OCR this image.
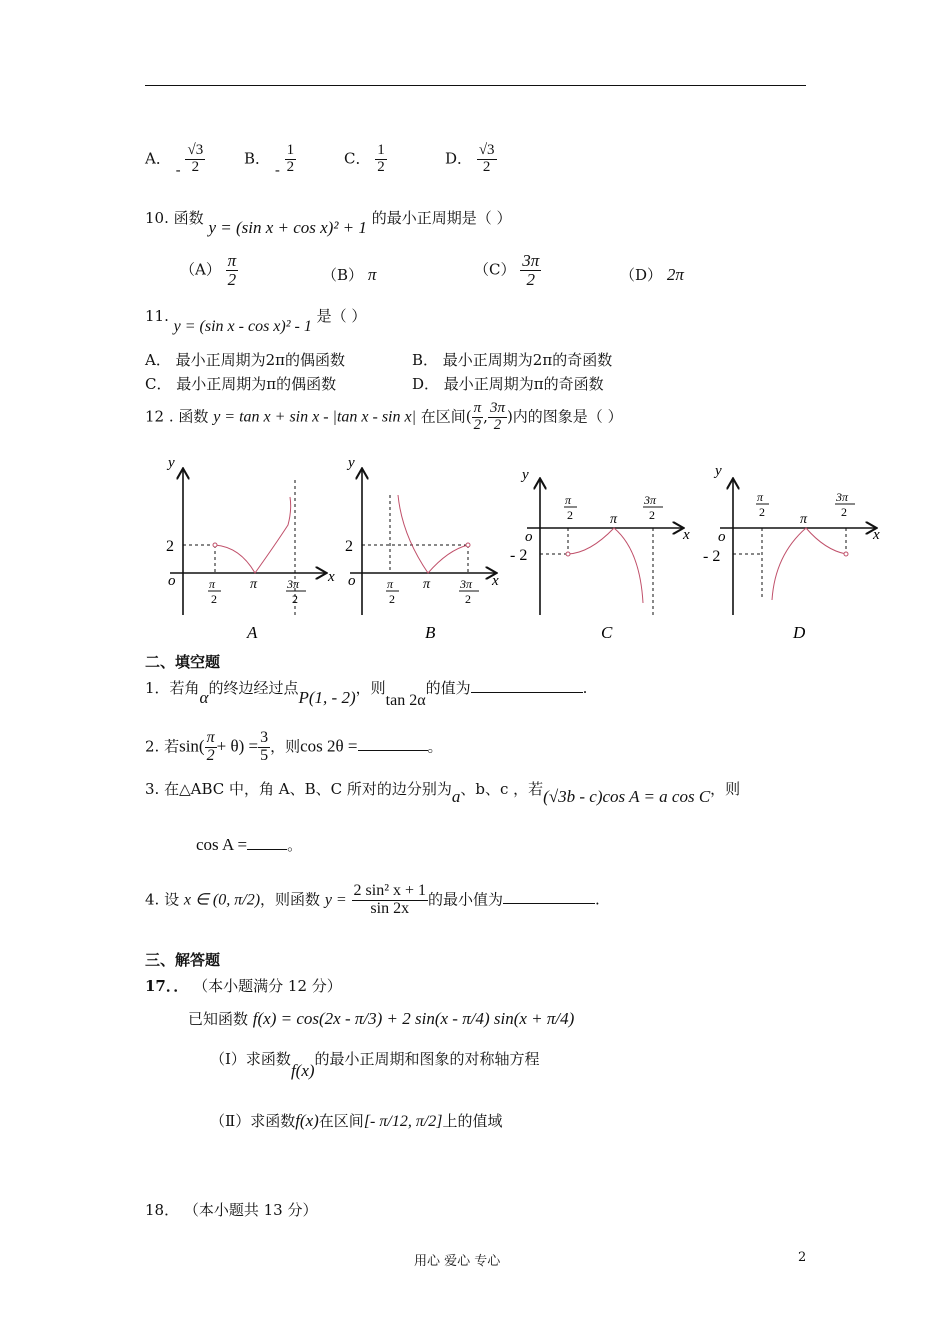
A． - $\frac{√3}{2}$	B． - $\frac{1}{2}$	C． $\frac{1}{2}$	D． $\frac{√3}{2}$
10. 函数 y = (sin x + cos x)² + 1 的最小正周期是（ ）
$(A) \frac{\pi}{2}$	（B） π	$(C) \frac{3\pi}{2}$	（D） 2π
11. y = (sin x - cos x)² - 1 是（ ）
A． 最小正周期为2π的偶函数	B． 最小正周期为2π的奇函数
C． 最小正周期为π的偶函数	D． 最小正周期为π的奇函数
12 . 函数 y = tan x + sin x - |tan x - sin x| 在区间( $\frac{\pi}{2}$ , $\frac{3\pi}{2}$ )内的图象是（ ）
y
x
o
2
π
2
π 3π
2
y
x
o
2
π
2
π 3π
2
y
x
o
- 2
π
2	π
3π
2
y
x
o
- 2
π
2	π
3π
2
A	B	C	D
二、填空题
1．若角α的终边经过点P(1, - 2)，则tan 2α的值为	.
2. 若$\sin( \frac{\pi}{2} + \theta) = \frac{3}{5}$ ，则cos 2θ =	。
3. 在△ABC 中，角 A、B、C 所对的边分别为a、b、c ，若(√3b - c)cos A = a cos C，则
cos A =	。
4. 设 x ∈ (0, π/2)，则函数 $y = \frac{\text{2 sin² x + 1}}{\sin 2x}$ 的最小值为	.
三、解答题
17．． （本小题满分 12 分）
已知函数 f(x) = cos(2x - π/3) + 2 sin(x - π/4) sin(x + π/4)
（Ⅰ）求函数f(x)的最小正周期和图象的对称轴方程
（Ⅱ）求函数f(x)在区间[- π/12, π/2]上的值域
18． （本小题共 13 分）
用心 爱心 专心	2
